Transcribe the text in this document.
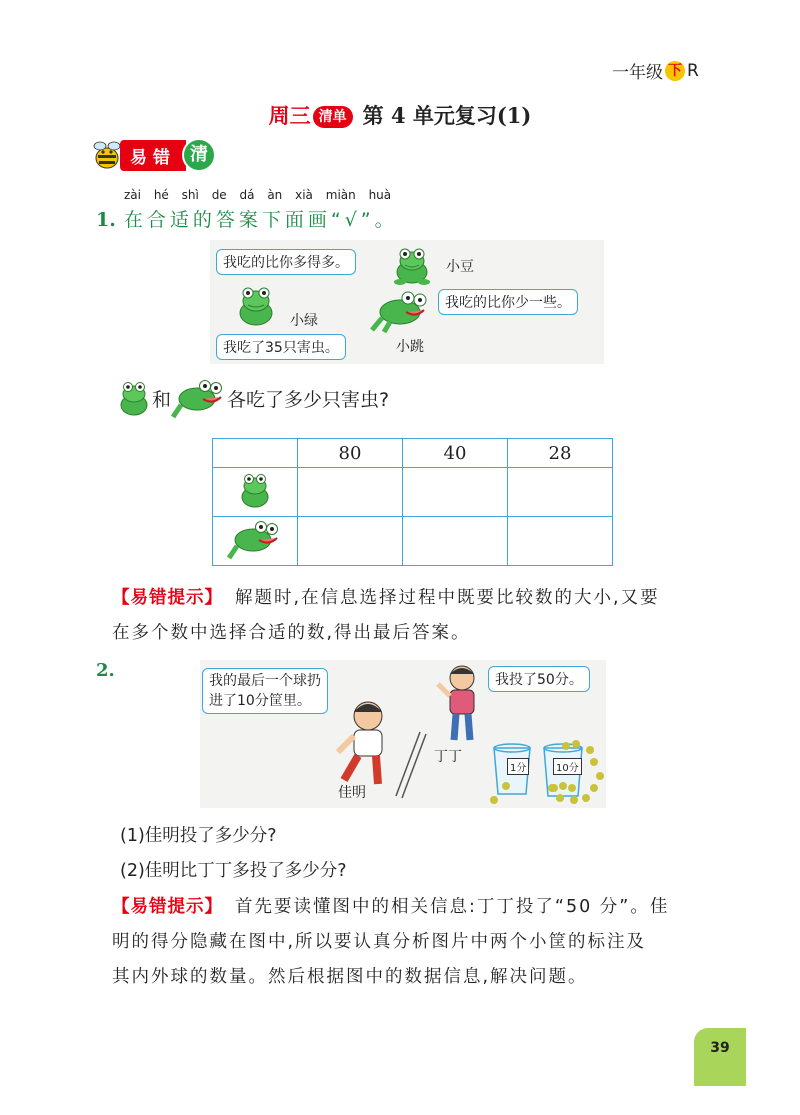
一年级 下 R
周三 清单 第 4 单元复习(1)
易错 清
zài hé shì de dá àn xià miàn huà
1. 在合适的答案下面画“√”。
我吃的比你多得多。	小豆
小绿
我吃的比你少一些。
我吃了35只害虫。	小跳
和	各吃了多少只害虫?
	80	40	28

【易错提示】 解题时,在信息选择过程中既要比较数的大小,又要
在多个数中选择合适的数,得出最后答案。
2.	我的最后一个球扔
进了10分筐里。
我投了50分。
佳明
丁丁
1分	10分
(1)佳明投了多少分?
(2)佳明比丁丁多投了多少分?
【易错提示】 首先要读懂图中的相关信息:丁丁投了“50 分”。佳
明的得分隐藏在图中,所以要认真分析图片中两个小筐的标注及
其内外球的数量。然后根据图中的数据信息,解决问题。
39
